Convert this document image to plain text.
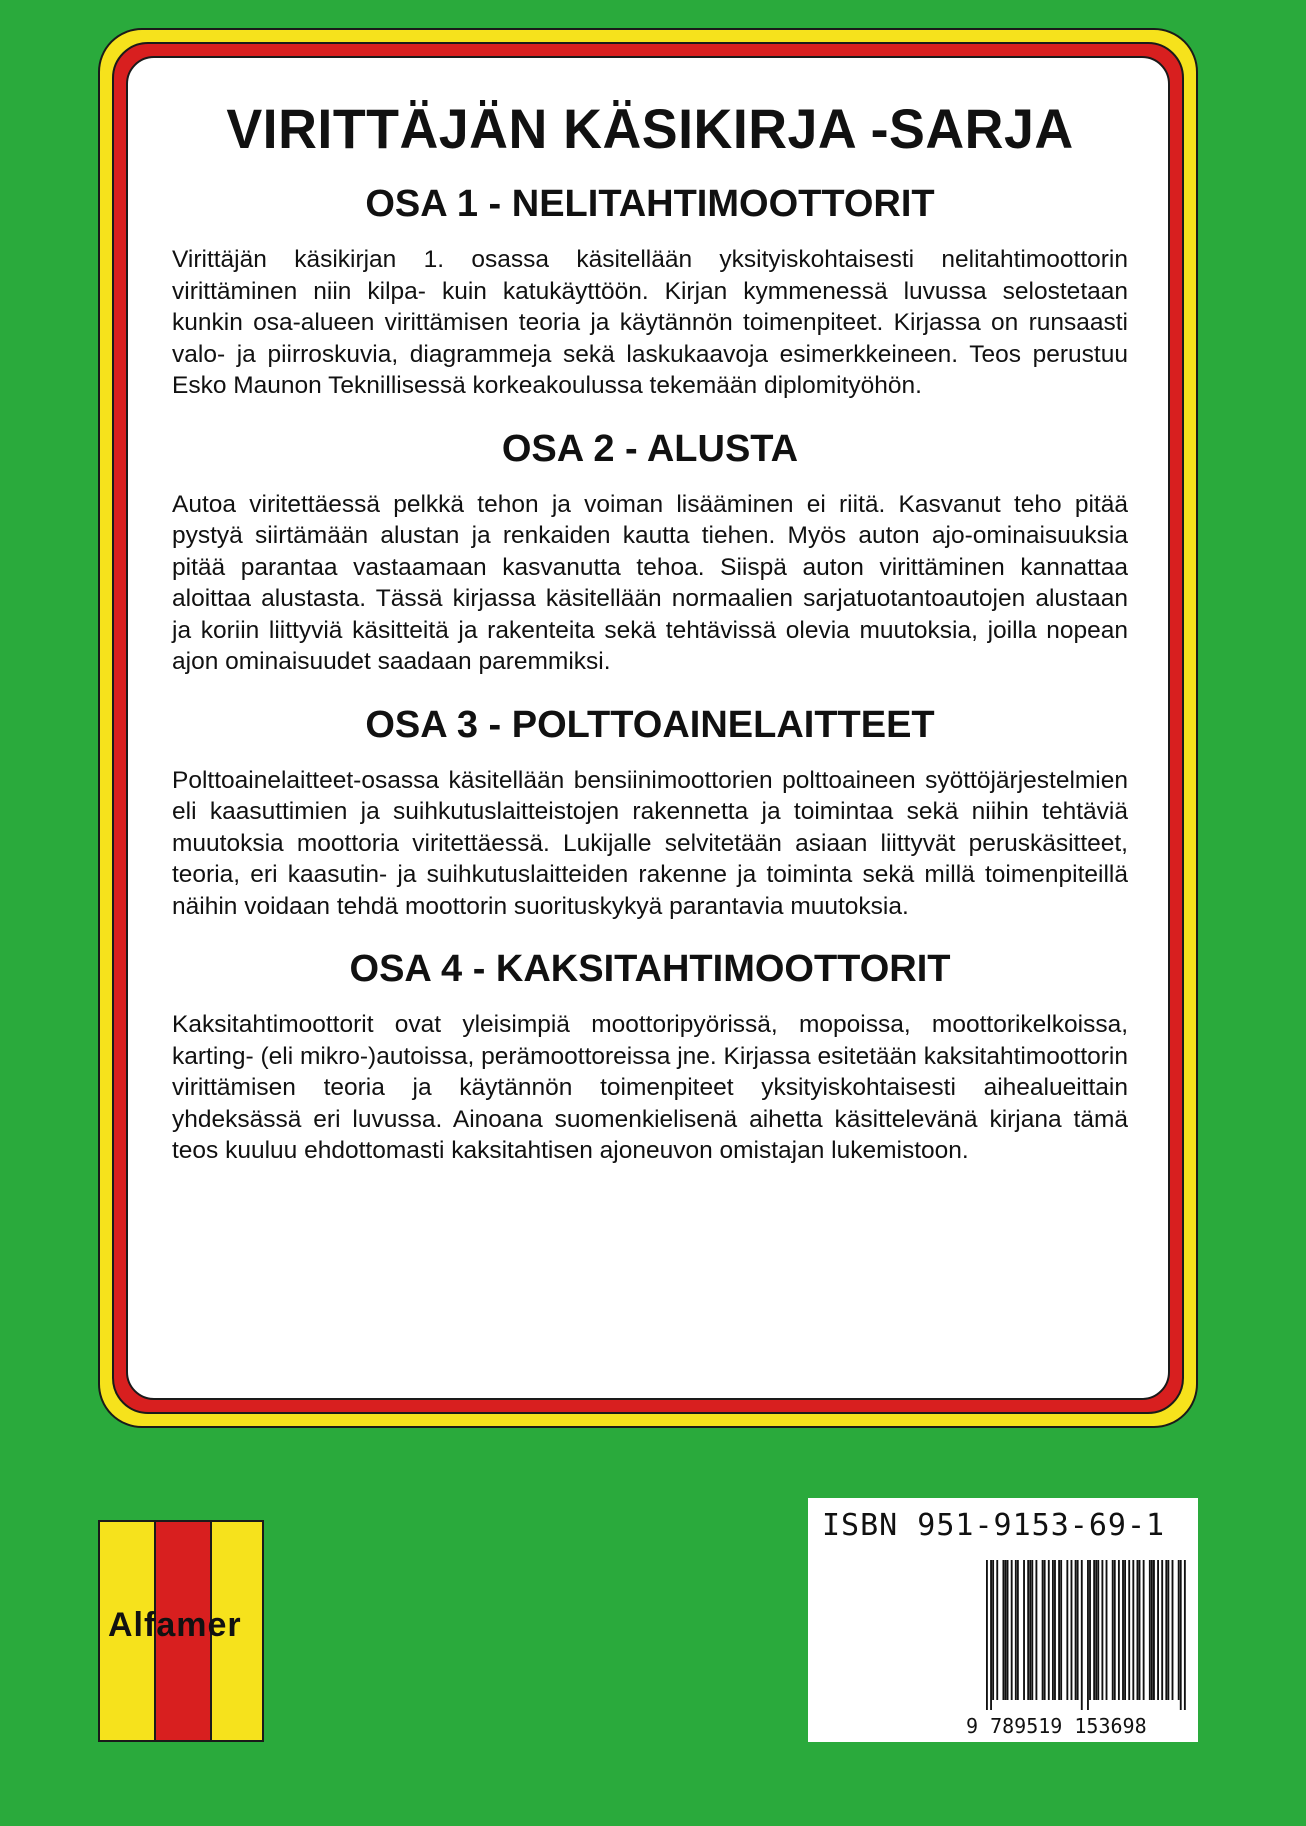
VIRITTÄJÄN KÄSIKIRJA -SARJA
OSA 1 - NELITAHTIMOOTTORIT

Virittäjän käsikirjan 1. osassa käsitellään yksityiskohtaisesti nelitahtimoottorin virittäminen niin kilpa- kuin katukäyttöön. Kirjan kymmenessä luvussa selostetaan kunkin osa-alueen virittämisen teoria ja käytännön toimenpiteet. Kirjassa on runsaasti valo- ja piirroskuvia, diagrammeja sekä laskukaavoja esimerkkeineen. Teos perustuu Esko Maunon Teknillisessä korkeakoulussa tekemään diplomityöhön.

OSA 2 - ALUSTA

Autoa viritettäessä pelkkä tehon ja voiman lisääminen ei riitä. Kasvanut teho pitää pystyä siirtämään alustan ja renkaiden kautta tiehen. Myös auton ajo-ominaisuuksia pitää parantaa vastaamaan kasvanutta tehoa. Siispä auton virittäminen kannattaa aloittaa alustasta. Tässä kirjassa käsitellään normaalien sarjatuotantoautojen alustaan ja koriin liittyviä käsitteitä ja rakenteita sekä tehtävissä olevia muutoksia, joilla nopean ajon ominaisuudet saadaan paremmiksi.

OSA 3 - POLTTOAINELAITTEET

Polttoainelaitteet-osassa käsitellään bensiinimoottorien polttoaineen syöttöjärjestelmien eli kaasuttimien ja suihkutuslaitteistojen rakennetta ja toimintaa sekä niihin tehtäviä muutoksia moottoria viritettäessä. Lukijalle selvitetään asiaan liittyvät peruskäsitteet, teoria, eri kaasutin- ja suihkutuslaitteiden rakenne ja toiminta sekä millä toimenpiteillä näihin voidaan tehdä moottorin suorituskykyä parantavia muutoksia.

OSA 4 - KAKSITAHTIMOOTTORIT

Kaksitahtimoottorit ovat yleisimpiä moottoripyörissä, mopoissa, moottorikelkoissa, karting- (eli mikro-)autoissa, perämoottoreissa jne. Kirjassa esitetään kaksitahtimoottorin virittämisen teoria ja käytännön toimenpiteet yksityiskohtaisesti aihealueittain yhdeksässä eri luvussa. Ainoana suomenkielisenä aihetta käsittelevänä kirjana tämä teos kuuluu ehdottomasti kaksitahtisen ajoneuvon omistajan lukemistoon.

Alfamer
ISBN 951-9153-69-1
9 789519 153698
